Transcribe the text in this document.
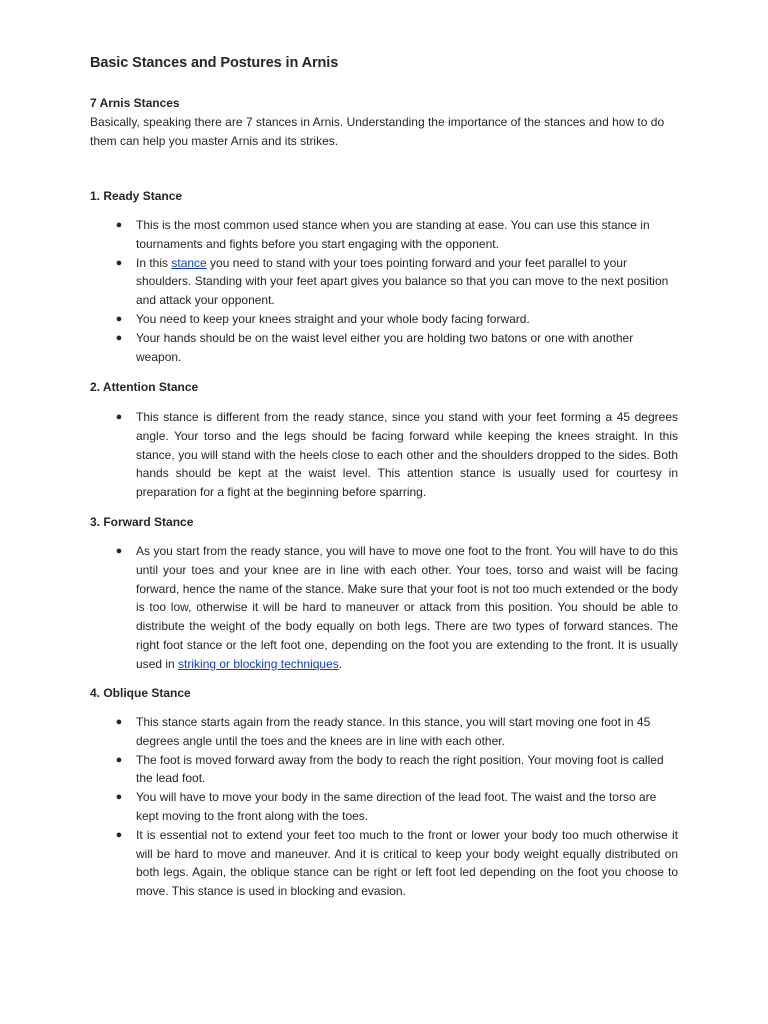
Basic Stances and Postures in Arnis

7 Arnis Stances

Basically, speaking there are 7 stances in Arnis. Understanding the importance of the stances and how to do them can help you master Arnis and its strikes.

1. Ready Stance

● This is the most common used stance when you are standing at ease. You can use this stance in tournaments and fights before you start engaging with the opponent.
● In this stance you need to stand with your toes pointing forward and your feet parallel to your shoulders. Standing with your feet apart gives you balance so that you can move to the next position and attack your opponent.
● You need to keep your knees straight and your whole body facing forward.
● Your hands should be on the waist level either you are holding two batons or one with another weapon.

2. Attention Stance

● This stance is different from the ready stance, since you stand with your feet forming a 45 degrees angle. Your torso and the legs should be facing forward while keeping the knees straight. In this stance, you will stand with the heels close to each other and the shoulders dropped to the sides. Both hands should be kept at the waist level. This attention stance is usually used for courtesy in preparation for a fight at the beginning before sparring.

3. Forward Stance

● As you start from the ready stance, you will have to move one foot to the front. You will have to do this until your toes and your knee are in line with each other. Your toes, torso and waist will be facing forward, hence the name of the stance. Make sure that your foot is not too much extended or the body is too low, otherwise it will be hard to maneuver or attack from this position. You should be able to distribute the weight of the body equally on both legs. There are two types of forward stances. The right foot stance or the left foot one, depending on the foot you are extending to the front. It is usually used in striking or blocking techniques.

4. Oblique Stance

● This stance starts again from the ready stance. In this stance, you will start moving one foot in 45 degrees angle until the toes and the knees are in line with each other.
● The foot is moved forward away from the body to reach the right position. Your moving foot is called the lead foot.
● You will have to move your body in the same direction of the lead foot. The waist and the torso are kept moving to the front along with the toes.
● It is essential not to extend your feet too much to the front or lower your body too much otherwise it will be hard to move and maneuver. And it is critical to keep your body weight equally distributed on both legs. Again, the oblique stance can be right or left foot led depending on the foot you choose to move. This stance is used in blocking and evasion.
